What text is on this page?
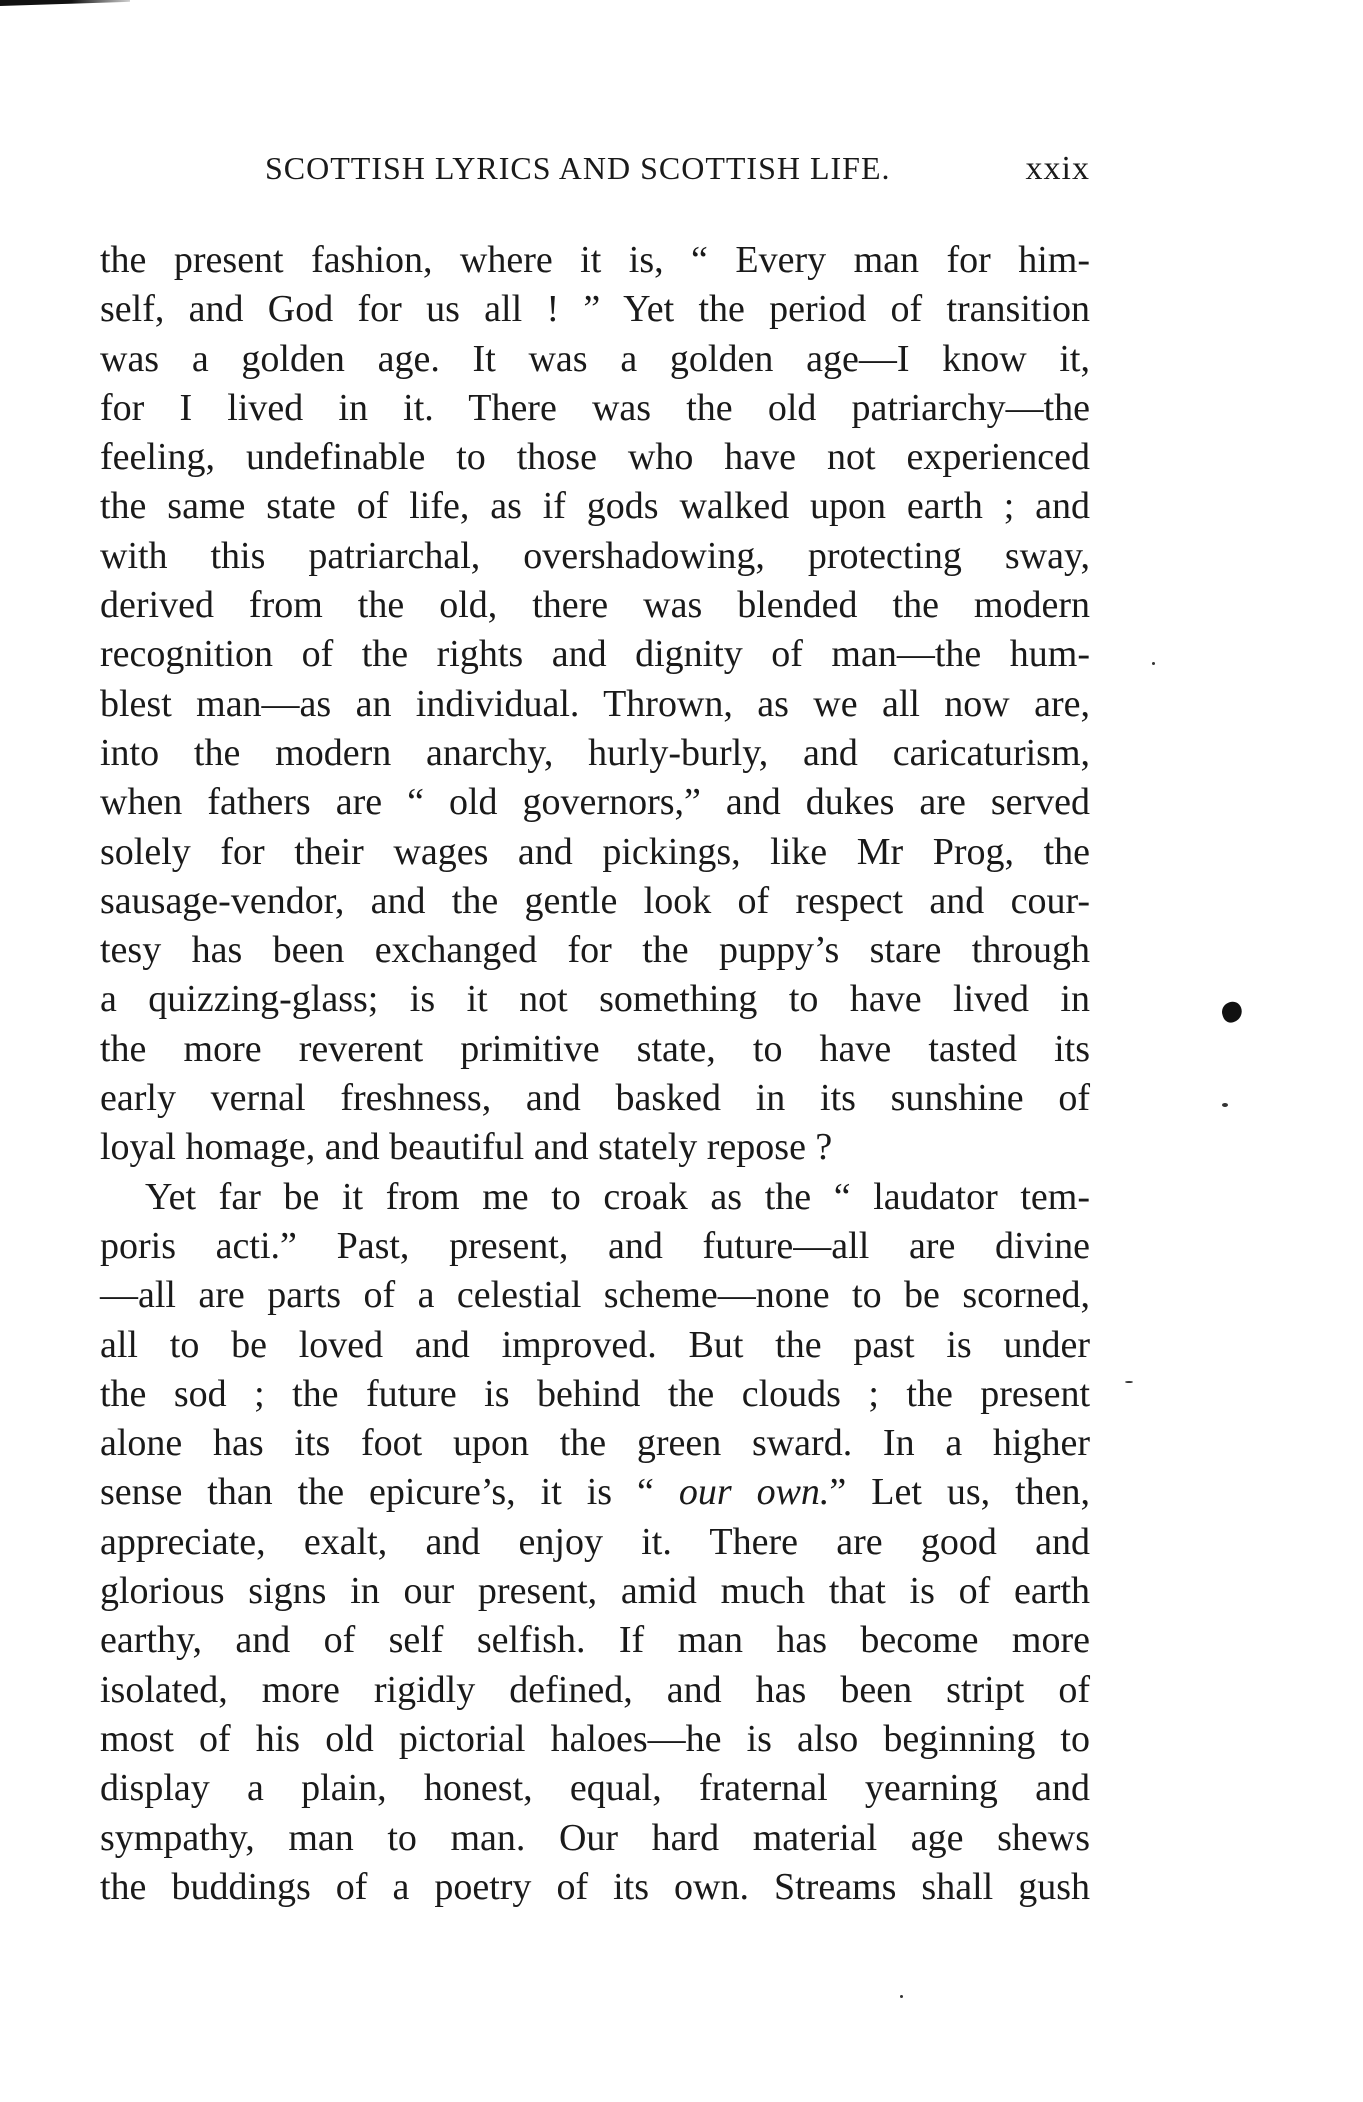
SCOTTISH LYRICS AND SCOTTISH LIFE.	xxix
the present fashion, where it is, “ Every man for him-
self, and God for us all ! ” Yet the period of transition
was a golden age. It was a golden age—I know it,
for I lived in it. There was the old patriarchy—the
feeling, undefinable to those who have not experienced
the same state of life, as if gods walked upon earth ; and
with this patriarchal, overshadowing, protecting sway,
derived from the old, there was blended the modern
recognition of the rights and dignity of man—the hum-
blest man—as an individual. Thrown, as we all now are,
into the modern anarchy, hurly-burly, and caricaturism,
when fathers are “ old governors,” and dukes are served
solely for their wages and pickings, like Mr Prog, the
sausage-vendor, and the gentle look of respect and cour-
tesy has been exchanged for the puppy’s stare through
a quizzing-glass; is it not something to have lived in
the more reverent primitive state, to have tasted its
early vernal freshness, and basked in its sunshine of
loyal homage, and beautiful and stately repose ?
Yet far be it from me to croak as the “ laudator tem-
poris acti.” Past, present, and future—all are divine
—all are parts of a celestial scheme—none to be scorned,
all to be loved and improved. But the past is under
the sod ; the future is behind the clouds ; the present
alone has its foot upon the green sward. In a higher
sense than the epicure’s, it is “ our own.” Let us, then,
appreciate, exalt, and enjoy it. There are good and
glorious signs in our present, amid much that is of earth
earthy, and of self selfish. If man has become more
isolated, more rigidly defined, and has been stript of
most of his old pictorial haloes—he is also beginning to
display a plain, honest, equal, fraternal yearning and
sympathy, man to man. Our hard material age shews
the buddings of a poetry of its own. Streams shall gush
